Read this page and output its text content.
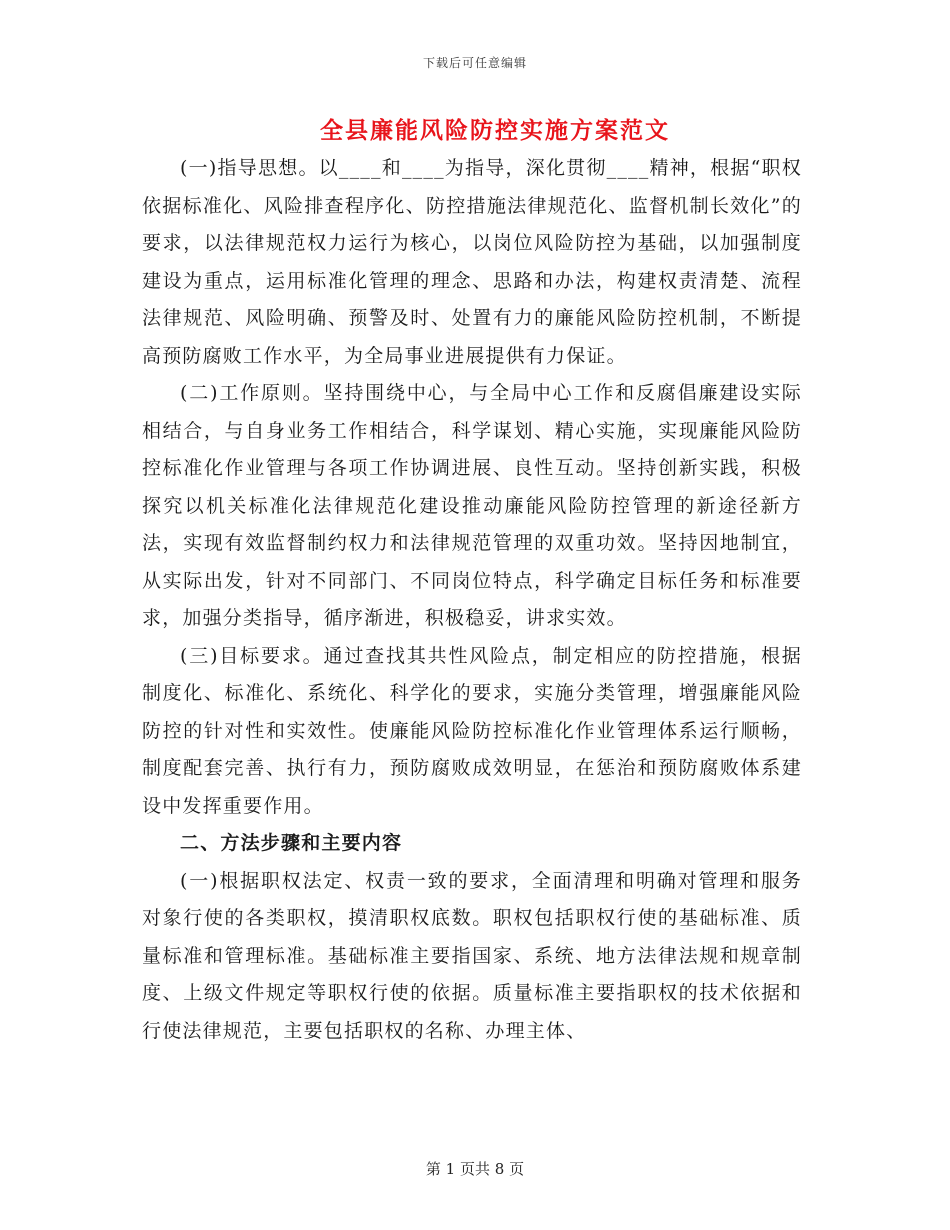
下载后可任意编辑
全县廉能风险防控实施方案范文

(一)指导思想。以____和____为指导，深化贯彻____精神，根据“职权依据标准化、风险排查程序化、防控措施法律规范化、监督机制长效化”的要求，以法律规范权力运行为核心，以岗位风险防控为基础，以加强制度建设为重点，运用标准化管理的理念、思路和办法，构建权责清楚、流程法律规范、风险明确、预警及时、处置有力的廉能风险防控机制，不断提高预防腐败工作水平，为全局事业进展提供有力保证。

(二)工作原则。坚持围绕中心，与全局中心工作和反腐倡廉建设实际相结合，与自身业务工作相结合，科学谋划、精心实施，实现廉能风险防控标准化作业管理与各项工作协调进展、良性互动。坚持创新实践，积极探究以机关标准化法律规范化建设推动廉能风险防控管理的新途径新方法，实现有效监督制约权力和法律规范管理的双重功效。坚持因地制宜，从实际出发，针对不同部门、不同岗位特点，科学确定目标任务和标准要求，加强分类指导，循序渐进，积极稳妥，讲求实效。

(三)目标要求。通过查找其共性风险点，制定相应的防控措施，根据制度化、标准化、系统化、科学化的要求，实施分类管理，增强廉能风险防控的针对性和实效性。使廉能风险防控标准化作业管理体系运行顺畅，制度配套完善、执行有力，预防腐败成效明显，在惩治和预防腐败体系建设中发挥重要作用。

二、方法步骤和主要内容

(一)根据职权法定、权责一致的要求，全面清理和明确对管理和服务对象行使的各类职权，摸清职权底数。职权包括职权行使的基础标准、质量标准和管理标准。基础标准主要指国家、系统、地方法律法规和规章制度、上级文件规定等职权行使的依据。质量标准主要指职权的技术依据和行使法律规范，主要包括职权的名称、办理主体、

第 1 页共 8 页
